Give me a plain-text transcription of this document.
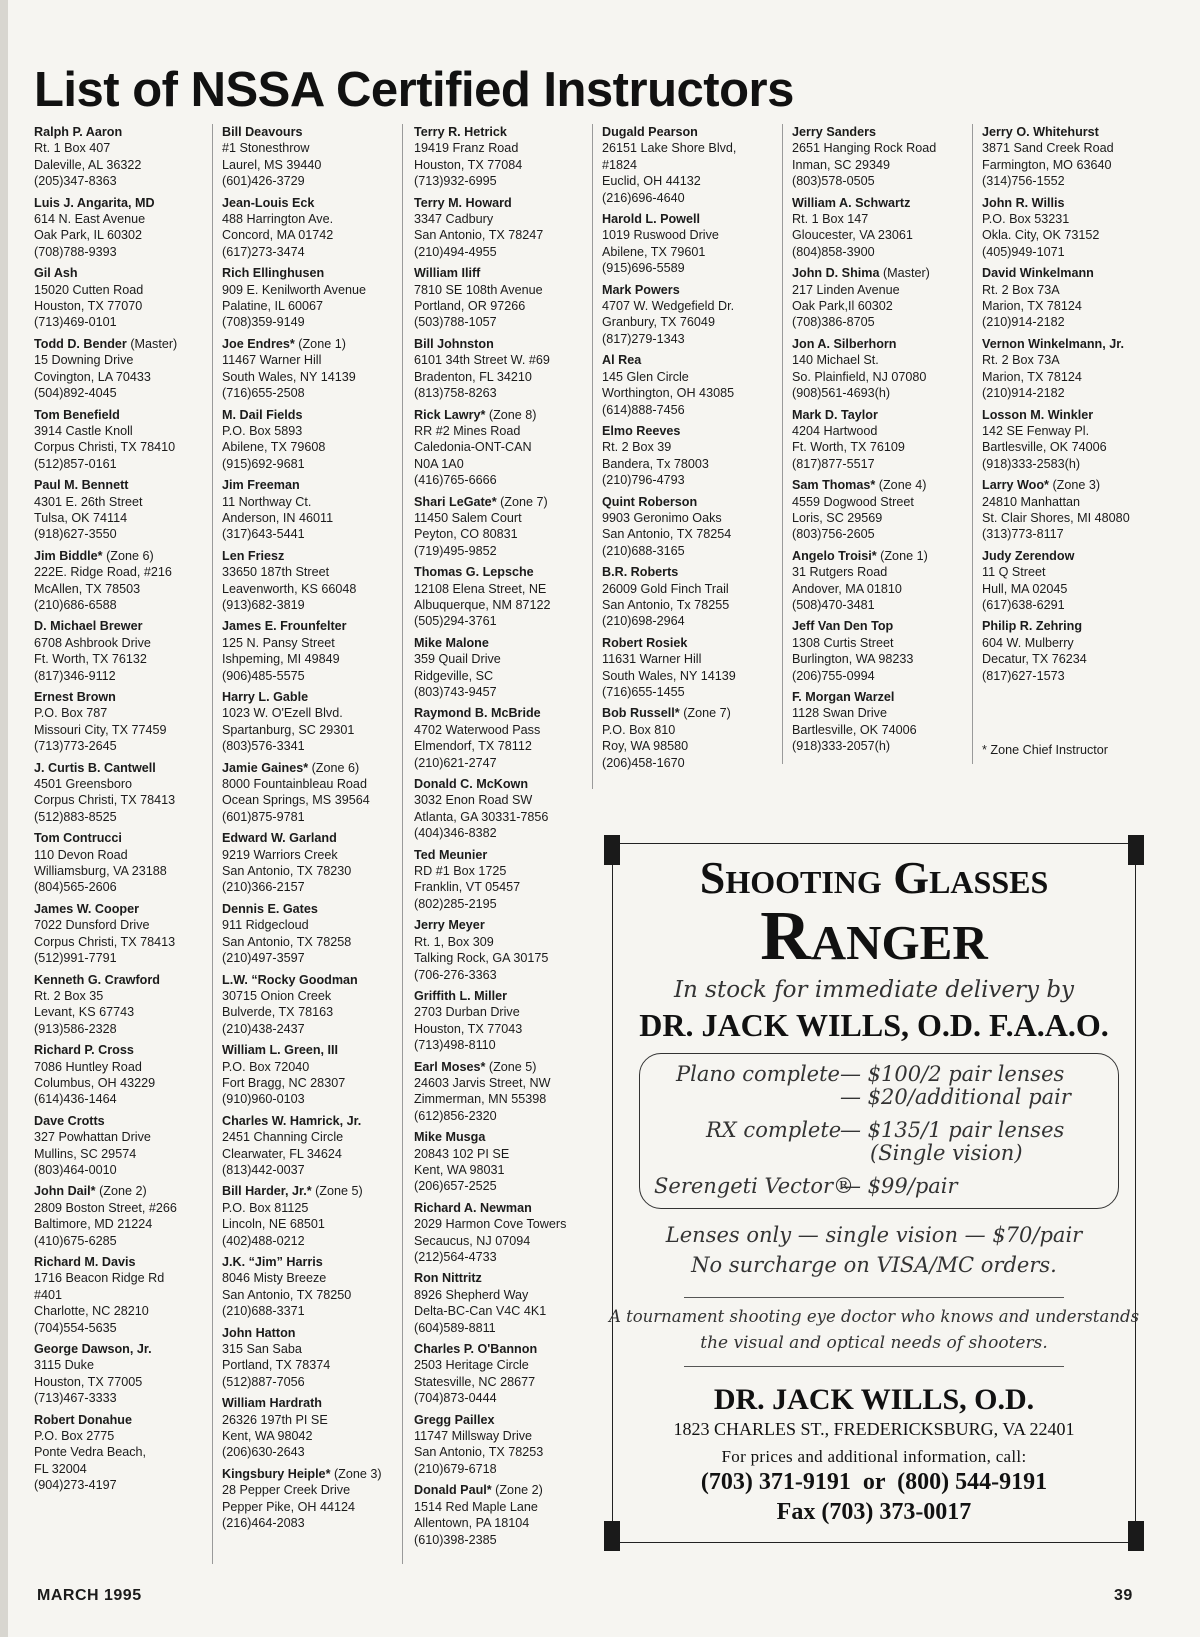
List of NSSA Certified Instructors
Ralph P. Aaron
Rt. 1 Box 407
Daleville, AL 36322
(205)347-8363
Luis J. Angarita, MD
614 N. East Avenue
Oak Park, IL 60302
(708)788-9393
Gil Ash
15020 Cutten Road
Houston, TX 77070
(713)469-0101
Todd D. Bender (Master)
15 Downing Drive
Covington, LA 70433
(504)892-4045
Tom Benefield
3914 Castle Knoll
Corpus Christi, TX 78410
(512)857-0161
Paul M. Bennett
4301 E. 26th Street
Tulsa, OK 74114
(918)627-3550
Jim Biddle* (Zone 6)
222E. Ridge Road, #216
McAllen, TX 78503
(210)686-6588
D. Michael Brewer
6708 Ashbrook Drive
Ft. Worth, TX 76132
(817)346-9112
Ernest Brown
P.O. Box 787
Missouri City, TX 77459
(713)773-2645
J. Curtis B. Cantwell
4501 Greensboro
Corpus Christi, TX 78413
(512)883-8525
Tom Contrucci
110 Devon Road
Williamsburg, VA 23188
(804)565-2606
James W. Cooper
7022 Dunsford Drive
Corpus Christi, TX 78413
(512)991-7791
Kenneth G. Crawford
Rt. 2 Box 35
Levant, KS 67743
(913)586-2328
Richard P. Cross
7086 Huntley Road
Columbus, OH 43229
(614)436-1464
Dave Crotts
327 Powhattan Drive
Mullins, SC 29574
(803)464-0010
John Dail* (Zone 2)
2809 Boston Street, #266
Baltimore, MD 21224
(410)675-6285
Richard M. Davis
1716 Beacon Ridge Rd
#401
Charlotte, NC 28210
(704)554-5635
George Dawson, Jr.
3115 Duke
Houston, TX 77005
(713)467-3333
Robert Donahue
P.O. Box 2775
Ponte Vedra Beach,
FL 32004
(904)273-4197
Bill Deavours
#1 Stonesthrow
Laurel, MS 39440
(601)426-3729
Jean-Louis Eck
488 Harrington Ave.
Concord, MA 01742
(617)273-3474
Rich Ellinghusen
909 E. Kenilworth Avenue
Palatine, IL 60067
(708)359-9149
Joe Endres* (Zone 1)
11467 Warner Hill
South Wales, NY 14139
(716)655-2508
M. Dail Fields
P.O. Box 5893
Abilene, TX 79608
(915)692-9681
Jim Freeman
11 Northway Ct.
Anderson, IN 46011
(317)643-5441
Len Friesz
33650 187th Street
Leavenworth, KS 66048
(913)682-3819
James E. Frounfelter
125 N. Pansy Street
Ishpeming, MI 49849
(906)485-5575
Harry L. Gable
1023 W. O'Ezell Blvd.
Spartanburg, SC 29301
(803)576-3341
Jamie Gaines* (Zone 6)
8000 Fountainbleau Road
Ocean Springs, MS 39564
(601)875-9781
Edward W. Garland
9219 Warriors Creek
San Antonio, TX 78230
(210)366-2157
Dennis E. Gates
911 Ridgecloud
San Antonio, TX 78258
(210)497-3597
L.W. “Rocky Goodman
30715 Onion Creek
Bulverde, TX 78163
(210)438-2437
William L. Green, III
P.O. Box 72040
Fort Bragg, NC 28307
(910)960-0103
Charles W. Hamrick, Jr.
2451 Channing Circle
Clearwater, FL 34624
(813)442-0037
Bill Harder, Jr.* (Zone 5)
P.O. Box 81125
Lincoln, NE 68501
(402)488-0212
J.K. “Jim” Harris
8046 Misty Breeze
San Antonio, TX 78250
(210)688-3371
John Hatton
315 San Saba
Portland, TX 78374
(512)887-7056
William Hardrath
26326 197th PI SE
Kent, WA 98042
(206)630-2643
Kingsbury Heiple* (Zone 3)
28 Pepper Creek Drive
Pepper Pike, OH 44124
(216)464-2083
Terry R. Hetrick
19419 Franz Road
Houston, TX 77084
(713)932-6995
Terry M. Howard
3347 Cadbury
San Antonio, TX 78247
(210)494-4955
William Iliff
7810 SE 108th Avenue
Portland, OR 97266
(503)788-1057
Bill Johnston
6101 34th Street W. #69
Bradenton, FL 34210
(813)758-8263
Rick Lawry* (Zone 8)
RR #2 Mines Road
Caledonia-ONT-CAN
N0A 1A0
(416)765-6666
Shari LeGate* (Zone 7)
11450 Salem Court
Peyton, CO 80831
(719)495-9852
Thomas G. Lepsche
12108 Elena Street, NE
Albuquerque, NM 87122
(505)294-3761
Mike Malone
359 Quail Drive
Ridgeville, SC
(803)743-9457
Raymond B. McBride
4702 Waterwood Pass
Elmendorf, TX 78112
(210)621-2747
Donald C. McKown
3032 Enon Road SW
Atlanta, GA 30331-7856
(404)346-8382
Ted Meunier
RD #1 Box 1725
Franklin, VT 05457
(802)285-2195
Jerry Meyer
Rt. 1, Box 309
Talking Rock, GA 30175
(706-276-3363
Griffith L. Miller
2703 Durban Drive
Houston, TX 77043
(713)498-8110
Earl Moses* (Zone 5)
24603 Jarvis Street, NW
Zimmerman, MN 55398
(612)856-2320
Mike Musga
20843 102 PI SE
Kent, WA 98031
(206)657-2525
Richard A. Newman
2029 Harmon Cove Towers
Secaucus, NJ 07094
(212)564-4733
Ron Nittritz
8926 Shepherd Way
Delta-BC-Can V4C 4K1
(604)589-8811
Charles P. O'Bannon
2503 Heritage Circle
Statesville, NC 28677
(704)873-0444
Gregg Paillex
11747 Millsway Drive
San Antonio, TX 78253
(210)679-6718
Donald Paul* (Zone 2)
1514 Red Maple Lane
Allentown, PA 18104
(610)398-2385
Dugald Pearson
26151 Lake Shore Blvd,
#1824
Euclid, OH 44132
(216)696-4640
Harold L. Powell
1019 Ruswood Drive
Abilene, TX 79601
(915)696-5589
Mark Powers
4707 W. Wedgefield Dr.
Granbury, TX 76049
(817)279-1343
Al Rea
145 Glen Circle
Worthington, OH 43085
(614)888-7456
Elmo Reeves
Rt. 2 Box 39
Bandera, Tx 78003
(210)796-4793
Quint Roberson
9903 Geronimo Oaks
San Antonio, TX 78254
(210)688-3165
B.R. Roberts
26009 Gold Finch Trail
San Antonio, Tx 78255
(210)698-2964
Robert Rosiek
11631 Warner Hill
South Wales, NY 14139
(716)655-1455
Bob Russell* (Zone 7)
P.O. Box 810
Roy, WA 98580
(206)458-1670
Jerry Sanders
2651 Hanging Rock Road
Inman, SC 29349
(803)578-0505
William A. Schwartz
Rt. 1 Box 147
Gloucester, VA 23061
(804)858-3900
John D. Shima (Master)
217 Linden Avenue
Oak Park,Il 60302
(708)386-8705
Jon A. Silberhorn
140 Michael St.
So. Plainfield, NJ 07080
(908)561-4693(h)
Mark D. Taylor
4204 Hartwood
Ft. Worth, TX 76109
(817)877-5517
Sam Thomas* (Zone 4)
4559 Dogwood Street
Loris, SC 29569
(803)756-2605
Angelo Troisi* (Zone 1)
31 Rutgers Road
Andover, MA 01810
(508)470-3481
Jeff Van Den Top
1308 Curtis Street
Burlington, WA 98233
(206)755-0994
F. Morgan Warzel
1128 Swan Drive
Bartlesville, OK 74006
(918)333-2057(h)
Jerry O. Whitehurst
3871 Sand Creek Road
Farmington, MO 63640
(314)756-1552
John R. Willis
P.O. Box 53231
Okla. City, OK 73152
(405)949-1071
David Winkelmann
Rt. 2 Box 73A
Marion, TX 78124
(210)914-2182
Vernon Winkelmann, Jr.
Rt. 2 Box 73A
Marion, TX 78124
(210)914-2182
Losson M. Winkler
142 SE Fenway Pl.
Bartlesville, OK 74006
(918)333-2583(h)
Larry Woo* (Zone 3)
24810 Manhattan
St. Clair Shores, MI 48080
(313)773-8117
Judy Zerendow
11 Q Street
Hull, MA 02045
(617)638-6291
Philip R. Zehring
604 W. Mulberry
Decatur, TX 76234
(817)627-1573
* Zone Chief Instructor
Shooting Glasses
Ranger
In stock for immediate delivery by
DR. JACK WILLS, O.D. F.A.A.O.
Plano complete — $100/2 pair lenses
— $20/additional pair
RX complete
— $135/1 pair lenses
(Single vision)
Serengeti Vector®
— $99/pair
Lenses only — single vision — $70/pair
No surcharge on VISA/MC orders.
A tournament shooting eye doctor who knows and understands
the visual and optical needs of shooters.
DR. JACK WILLS, O.D.
1823 CHARLES ST., FREDERICKSBURG, VA 22401
For prices and additional information, call:
(703) 371-9191  or  (800) 544-9191
Fax (703) 373-0017
MARCH 1995	39
